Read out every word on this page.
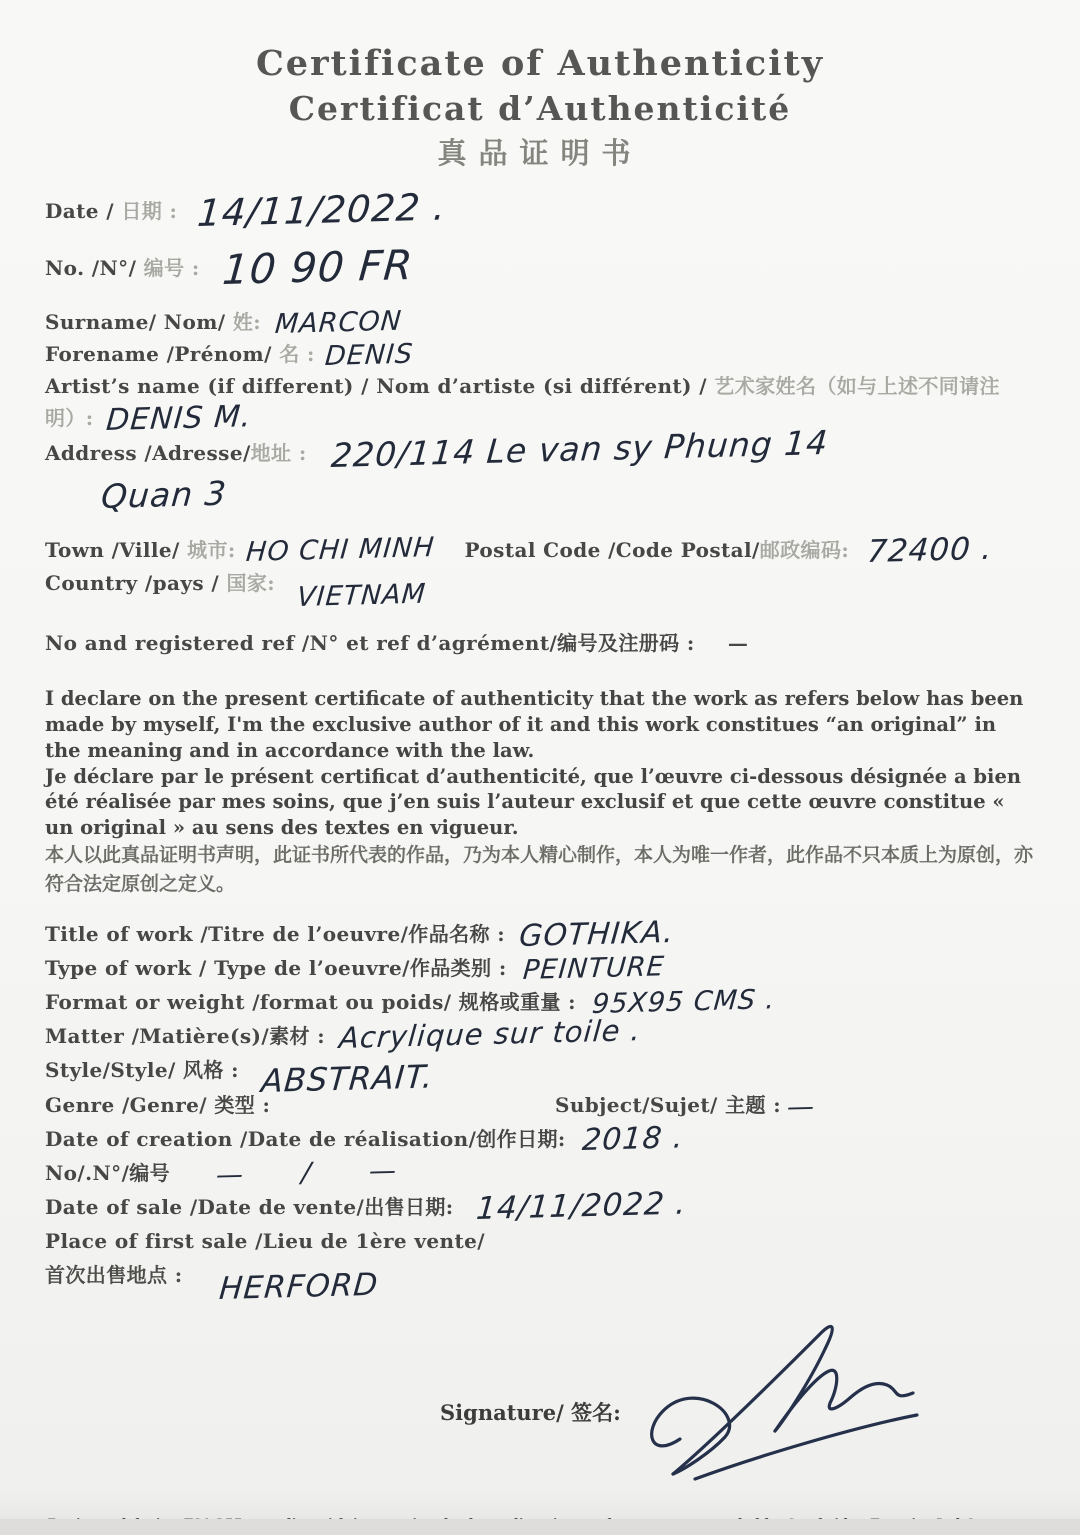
Certificate of Authenticity
Certificat d’Authenticité
真品证明书
Date / 日期 : 14/11/2022 .
No. /N°/ 编号 : 10 90 FR
Surname/ Nom/ 姓: MARCON
Forename /Prénom/ 名 : DENIS
Artist’s name (if different) / Nom d’artiste (si différent) / 艺术家姓名（如与上述不同请注
明）: DENIS M.
Address /Adresse/地址 : 220/114 Le van sy Phung 14
Quan 3
Town /Ville/ 城市: HO CHI MINH Postal Code /Code Postal/邮政编码: 72400 .
Country /pays / 国家: VIETNAM
No and registered ref /N° et ref d’agrément/编号及注册码 : —
I declare on the present certificate of authenticity that the work as refers below has been made by myself, I'm the exclusive author of it and this work constitues “an original” in the meaning and in accordance with the law.
Je déclare par le présent certificat d’authenticité, que l’œuvre ci-dessous désignée a bien été réalisée par mes soins, que j’en suis l’auteur exclusif et que cette œuvre constitue « un original » au sens des textes en vigueur.
本人以此真品证明书声明，此证书所代表的作品，乃为本人精心制作，本人为唯一作者，此作品不只本质上为原创，亦符合法定原创之定义。
Title of work /Titre de l’oeuvre/作品名称 : GOTHIKA.
Type of work / Type de l’oeuvre/作品类别 : PEINTURE
Format or weight /format ou poids/ 规格或重量 : 95X95 CMS .
Matter /Matière(s)/素材 : Acrylique sur toile .
Style/Style/ 风格 : ABSTRAIT.
Genre /Genre/ 类型 :	Subject/Sujet/ 主题 : —
Date of creation /Date de réalisation/创作日期: 2018 .
No/.N°/编号 —      /      —
Date of sale /Date de vente/出售日期: 14/11/2022 .
Place of first sale /Lieu de 1ère vente/
首次出售地点 : HERFORD
Signature/ 签名:
